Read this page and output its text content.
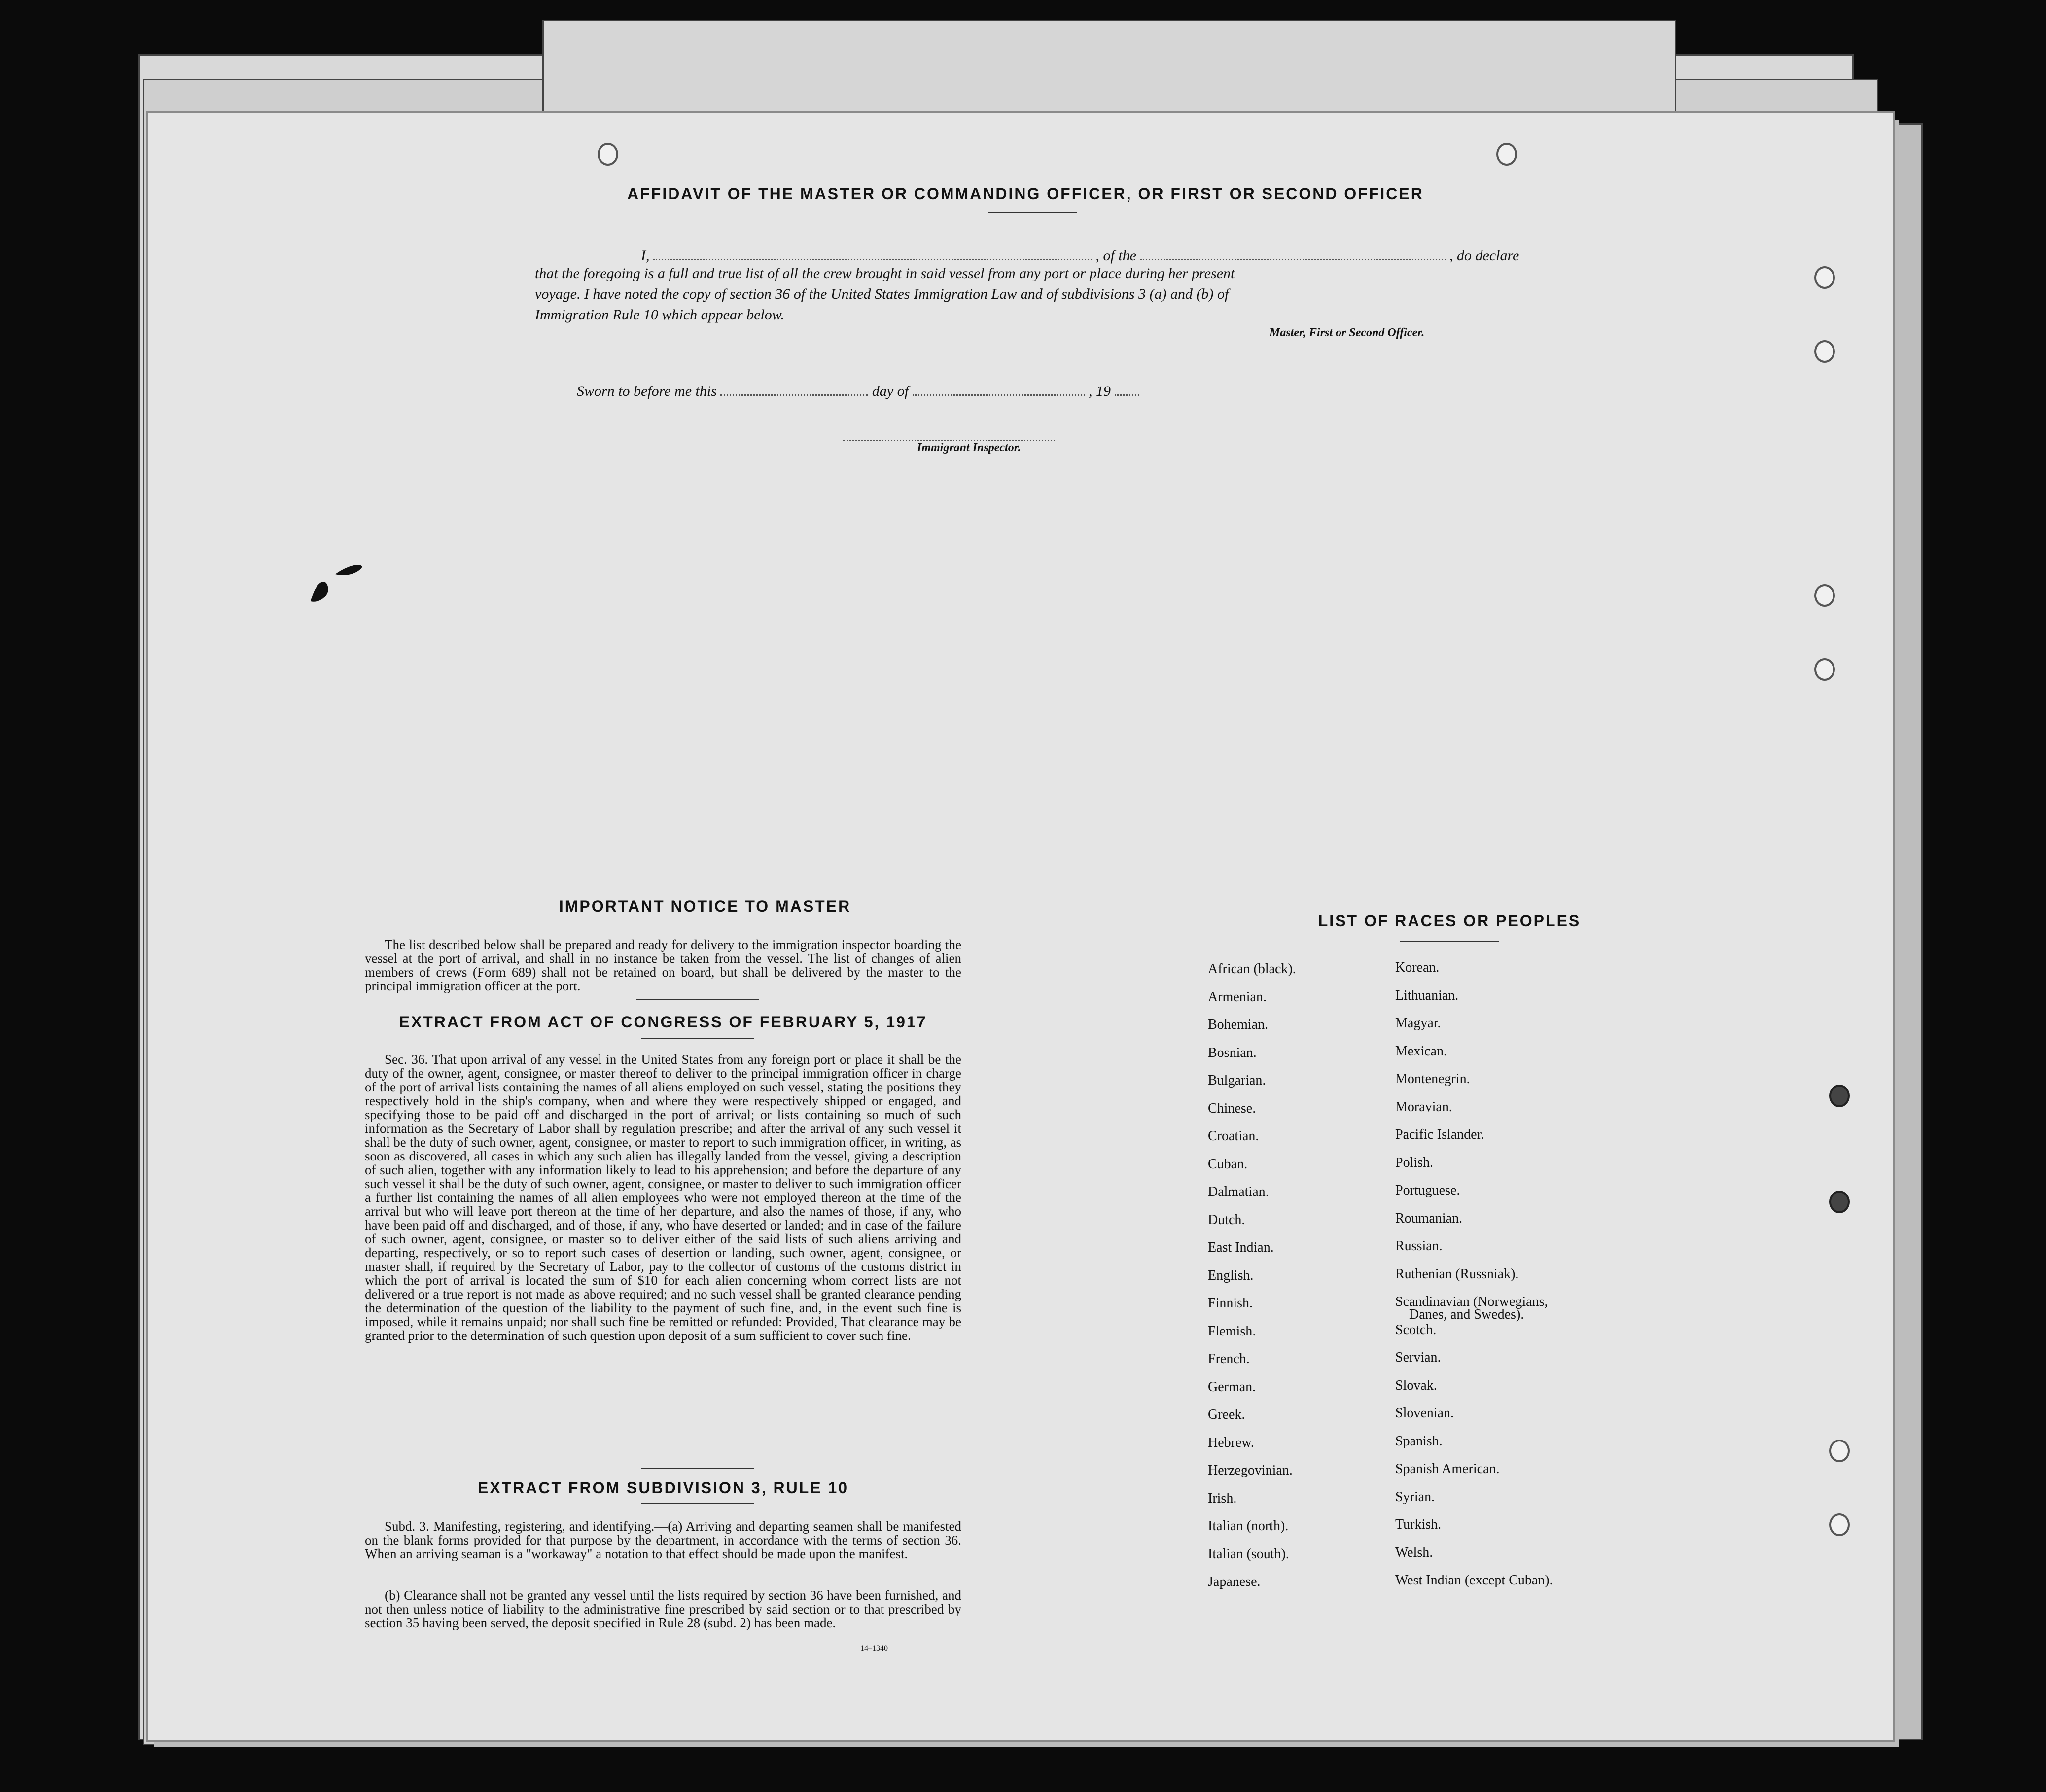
AFFIDAVIT OF THE MASTER OR COMMANDING OFFICER, OR FIRST OR SECOND OFFICER
I,	, of the	, do declare
that the foregoing is a full and true list of all the crew brought in said vessel from any port or place during her present
voyage. I have noted the copy of section 36 of the United States Immigration Law and of subdivisions 3 (a) and (b) of
Immigration Rule 10 which appear below.
Master, First or Second Officer.
Sworn to before me this	day of	, 19
Immigrant Inspector.
IMPORTANT NOTICE TO MASTER
The list described below shall be prepared and ready for delivery to the immigration inspector boarding the vessel at the port of arrival, and shall in no instance be taken from the vessel. The list of changes of alien members of crews (Form 689) shall not be retained on board, but shall be delivered by the master to the principal immigration officer at the port.
EXTRACT FROM ACT OF CONGRESS OF FEBRUARY 5, 1917
Sec. 36. That upon arrival of any vessel in the United States from any foreign port or place it shall be the duty of the owner, agent, consignee, or master thereof to deliver to the principal immigration officer in charge of the port of arrival lists containing the names of all aliens employed on such vessel, stating the positions they respectively hold in the ship's company, when and where they were respectively shipped or engaged, and specifying those to be paid off and discharged in the port of arrival; or lists containing so much of such information as the Secretary of Labor shall by regulation prescribe; and after the arrival of any such vessel it shall be the duty of such owner, agent, consignee, or master to report to such immigration officer, in writing, as soon as discovered, all cases in which any such alien has illegally landed from the vessel, giving a description of such alien, together with any information likely to lead to his apprehension; and before the departure of any such vessel it shall be the duty of such owner, agent, consignee, or master to deliver to such immigration officer a further list containing the names of all alien employees who were not employed thereon at the time of the arrival but who will leave port thereon at the time of her departure, and also the names of those, if any, who have been paid off and discharged, and of those, if any, who have deserted or landed; and in case of the failure of such owner, agent, consignee, or master so to deliver either of the said lists of such aliens arriving and departing, respectively, or so to report such cases of desertion or landing, such owner, agent, consignee, or master shall, if required by the Secretary of Labor, pay to the collector of customs of the customs district in which the port of arrival is located the sum of $10 for each alien concerning whom correct lists are not delivered or a true report is not made as above required; and no such vessel shall be granted clearance pending the determination of the question of the liability to the payment of such fine, and, in the event such fine is imposed, while it remains unpaid; nor shall such fine be remitted or refunded: Provided, That clearance may be granted prior to the determination of such question upon deposit of a sum sufficient to cover such fine.
EXTRACT FROM SUBDIVISION 3, RULE 10
Subd. 3. Manifesting, registering, and identifying.—(a) Arriving and departing seamen shall be manifested on the blank forms provided for that purpose by the department, in accordance with the terms of section 36. When an arriving seaman is a "workaway" a notation to that effect should be made upon the manifest.
(b) Clearance shall not be granted any vessel until the lists required by section 36 have been furnished, and not then unless notice of liability to the administrative fine prescribed by said section or to that prescribed by section 35 having been served, the deposit specified in Rule 28 (subd. 2) has been made.
14–1340
LIST OF RACES OR PEOPLES
African (black).
Armenian.
Bohemian.
Bosnian.
Bulgarian.
Chinese.
Croatian.
Cuban.
Dalmatian.
Dutch.
East Indian.
English.
Finnish.
Flemish.
French.
German.
Greek.
Hebrew.
Herzegovinian.
Irish.
Italian (north).
Italian (south).
Japanese.
Korean.
Lithuanian.
Magyar.
Mexican.
Montenegrin.
Moravian.
Pacific Islander.
Polish.
Portuguese.
Roumanian.
Russian.
Ruthenian (Russniak).
Scandinavian (Norwegians,
Danes, and Swedes).
Scotch.
Servian.
Slovak.
Slovenian.
Spanish.
Spanish American.
Syrian.
Turkish.
Welsh.
West Indian (except Cuban).
